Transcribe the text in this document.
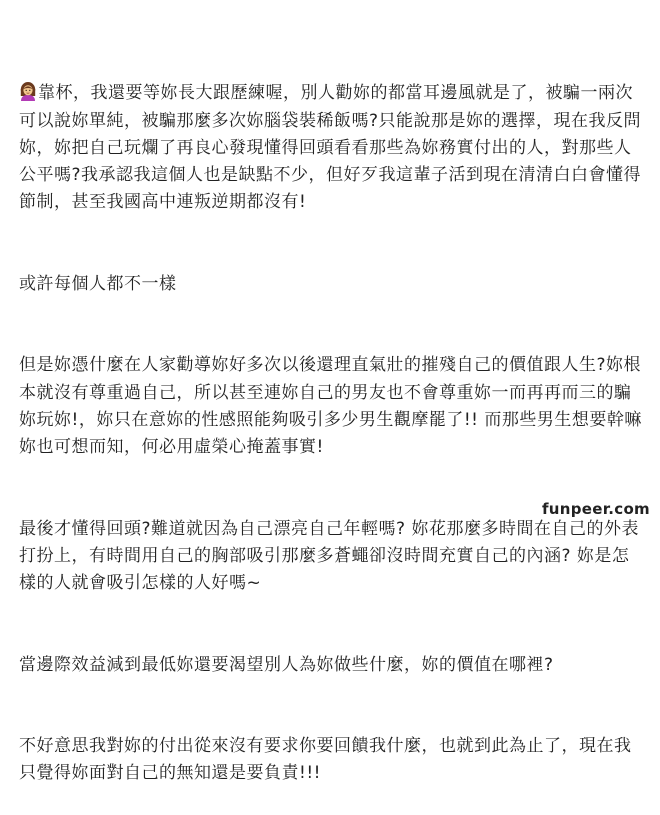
靠杯，我還要等妳長大跟歷練喔，別人勸妳的都當耳邊風就是了，被騙一兩次可以說妳單純，被騙那麼多次妳腦袋裝稀飯嗎?只能說那是妳的選擇，現在我反問妳，妳把自己玩爛了再良心發現懂得回頭看看那些為妳務實付出的人，對那些人公平嗎?我承認我這個人也是缺點不少，但好歹我這輩子活到現在清清白白會懂得節制，甚至我國高中連叛逆期都沒有!

或許每個人都不一樣

但是妳憑什麼在人家勸導妳好多次以後還理直氣壯的摧殘自己的價值跟人生?妳根本就沒有尊重過自己，所以甚至連妳自己的男友也不會尊重妳一而再再而三的騙妳玩妳!，妳只在意妳的性感照能夠吸引多少男生觀摩罷了!! 而那些男生想要幹嘛妳也可想而知，何必用虛榮心掩蓋事實!

最後才懂得回頭?難道就因為自己漂亮自己年輕嗎? 妳花那麼多時間在自己的外表打扮上，有時間用自己的胸部吸引那麼多蒼蠅卻沒時間充實自己的內涵? 妳是怎樣的人就會吸引怎樣的人好嗎~

當邊際效益減到最低妳還要渴望別人為妳做些什麼，妳的價值在哪裡?

不好意思我對妳的付出從來沒有要求你要回饋我什麼，也就到此為止了，現在我只覺得妳面對自己的無知還是要負責!!!

funpeer.com
